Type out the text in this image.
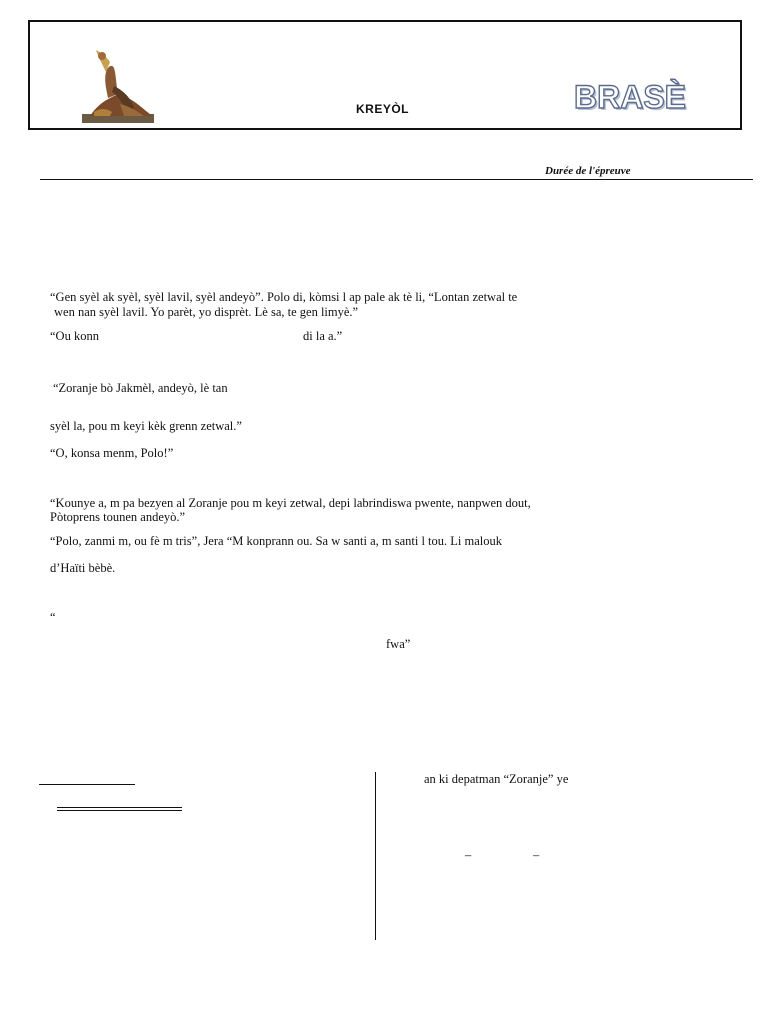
KREYÒL	BRASÈ
Durée de l'épreuve
“Gen syèl ak syèl, syèl lavil, syèl andeyò”. Polo di, kòmsi l ap pale ak tè li, “Lontan zetwal te
wen nan syèl lavil. Yo parèt, yo disprèt. Lè sa, te gen limyè.”
“Ou konn	di la a.”
“Zoranje bò Jakmèl, andeyò, lè tan
syèl la, pou m keyi kèk grenn zetwal.”
“O, konsa menm, Polo!”
“Kounye a, m pa bezyen al Zoranje pou m keyi zetwal, depi labrindiswa pwente, nanpwen dout,
Pòtoprens tounen andeyò.”
“Polo, zanmi m, ou fè m tris”, Jera “M konprann ou. Sa w santi a, m santi l tou. Li malouk
d’Haïti bèbè.
“
fwa”
an ki depatman “Zoranje” ye
–	–
